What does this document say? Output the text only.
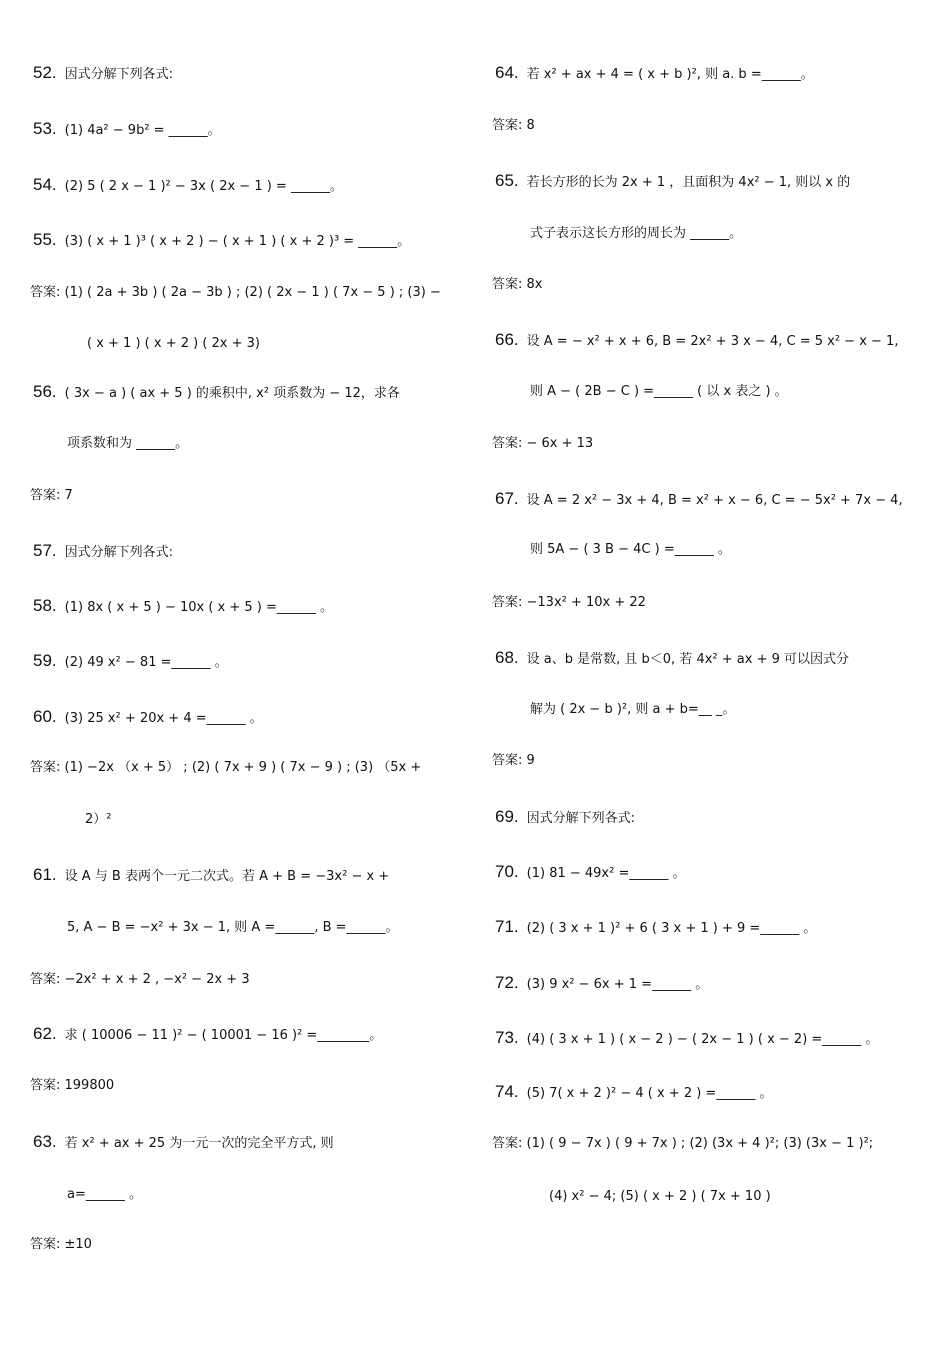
52. 因式分解下列各式:
53. (1) 4a² − 9b² = ______。
54. (2) 5 ( 2 x − 1 )² − 3x ( 2x − 1 ) = ______。
55. (3) ( x + 1 )³ ( x + 2 ) − ( x + 1 ) ( x + 2 )³ = ______。
答案: (1) ( 2a + 3b ) ( 2a − 3b ) ; (2) ( 2x − 1 ) ( 7x − 5 ) ; (3) −
( x + 1 ) ( x + 2 ) ( 2x + 3)
56. ( 3x − a ) ( ax + 5 ) 的乘积中, x² 项系数为 − 12，求各
项系数和为 ______。
答案: 7
57. 因式分解下列各式:
58. (1) 8x ( x + 5 ) − 10x ( x + 5 ) =______ 。
59. (2) 49 x² − 81 =______ 。
60. (3) 25 x² + 20x + 4 =______ 。
答案: (1) −2x （x + 5） ; (2) ( 7x + 9 ) ( 7x − 9 ) ; (3) （5x +
2）²
61. 设 A 与 B 表两个一元二次式。若 A + B = −3x² − x +
5, A − B = −x² + 3x − 1, 则 A =______, B =______。
答案: −2x² + x + 2 , −x² − 2x + 3
62. 求 ( 10006 − 11 )² − ( 10001 − 16 )² =________。
答案: 199800
63. 若 x² + ax + 25 为一元一次的完全平方式, 则
a=______ 。
答案: ±10
64. 若 x² + ax + 4 = ( x + b )², 则 a. b =______。
答案: 8
65. 若长方形的长为 2x + 1 ，且面积为 4x² − 1, 则以 x 的
式子表示这长方形的周长为 ______。
答案: 8x
66. 设 A = − x² + x + 6, B = 2x² + 3 x − 4, C = 5 x² − x − 1,
则 A − ( 2B − C ) =______ ( 以 x 表之 ) 。
答案: − 6x + 13
67. 设 A = 2 x² − 3x + 4, B = x² + x − 6, C = − 5x² + 7x − 4,
则 5A − ( 3 B − 4C ) =______ 。
答案: −13x² + 10x + 22
68. 设 a、b 是常数, 且 b＜0, 若 4x² + ax + 9 可以因式分
解为 ( 2x − b )², 则 a + b=__ _。
答案: 9
69. 因式分解下列各式:
70. (1) 81 − 49x² =______ 。
71. (2) ( 3 x + 1 )² + 6 ( 3 x + 1 ) + 9 =______ 。
72. (3) 9 x² − 6x + 1 =______ 。
73. (4) ( 3 x + 1 ) ( x − 2 ) − ( 2x − 1 ) ( x − 2) =______ 。
74. (5) 7( x + 2 )² − 4 ( x + 2 ) =______ 。
答案: (1) ( 9 − 7x ) ( 9 + 7x ) ; (2) (3x + 4 )²; (3) (3x − 1 )²;
(4) x² − 4; (5) ( x + 2 ) ( 7x + 10 )
